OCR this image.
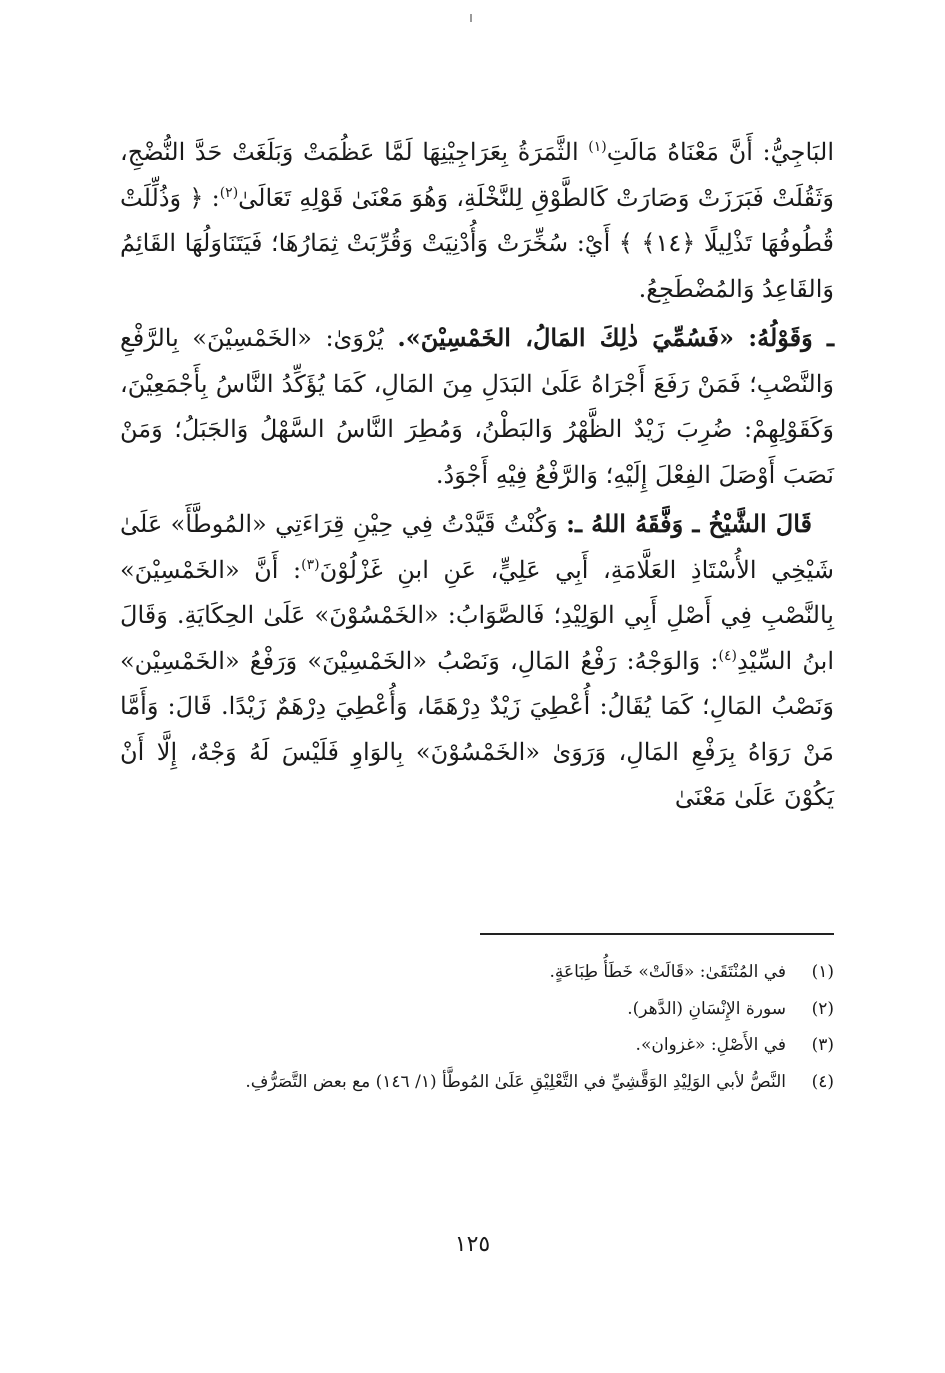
البَاجِيُّ: أَنَّ مَعْنَاهُ مَالَتِ$^{(١)}$ الثَّمَرَةُ بِعَرَاجِيْنِهَا لَمَّا عَظُمَتْ وَبَلَغَتْ حَدَّ النُّضْجِ، وَثَقُلَتْ فَبَرَزَتْ وَصَارَتْ كَالطَّوْقِ لِلنَّخْلَةِ، وَهُوَ مَعْنَىٰ قَوْلِهِ تَعَالَىٰ$^{(٢)}$: ﴿ وَذُلِّلَتْ قُطُوفُهَا تَذْلِيلًا ﴿١٤﴾ ﴾ أَيْ: سُخِّرَتْ وَأُدْنِيَتْ وَقُرِّبَتْ ثِمَارُهَا؛ فَيَتَنَاوَلُهَا القَائِمُ وَالقَاعِدُ وَالمُضْطَجِعُ.

ـ وَقَوْلُهُ: «فَسُمِّيَ ذٰلِكَ المَالُ، الخَمْسِيْنَ». يُرْوَىٰ: «الخَمْسِيْنَ» بِالرَّفْعِ وَالنَّصْبِ؛ فَمَنْ رَفَعَ أَجْرَاهُ عَلَىٰ البَدَلِ مِنَ المَالِ، كَمَا يُؤَكِّدُ النَّاسُ بِأَجْمَعِيْنَ، وَكَقَوْلِهِمْ: ضُرِبَ زَيْدٌ الظَّهْرُ وَالبَطْنُ، وَمُطِرَ النَّاسُ السَّهْلُ وَالجَبَلُ؛ وَمَنْ نَصَبَ أَوْصَلَ الفِعْلَ إِلَيْهِ؛ وَالرَّفْعُ فِيْهِ أَجْوَدُ.

قَالَ الشَّيْخُ ـ وَفَّقَهُ اللهُ ـ: وَكُنْتُ قَيَّدْتُ فِي حِيْنِ قِرَاءَتِي «المُوطَّأَ» عَلَىٰ شَيْخِي الأُسْتَاذِ العَلَّامَةِ، أَبِي عَلِيٍّ، عَنِ ابنِ غَزْلُوْنَ$^{(٣)}$: أَنَّ «الخَمْسِيْنَ» بِالنَّصْبِ فِي أَصْلِ أَبِي الوَلِيْدِ؛ فَالصَّوَابُ: «الخَمْسُوْنَ» عَلَىٰ الحِكَايَةِ. وَقَالَ ابنُ السِّيْدِ$^{(٤)}$: وَالوَجْهُ: رَفْعُ المَالِ، وَنَصْبُ «الخَمْسِيْنَ» وَرَفْعُ «الخَمْسِيْن» وَنَصْبُ المَالِ؛ كَمَا يُقَالُ: أُعْطِيَ زَيْدٌ دِرْهَمًا، وَأُعْطِيَ دِرْهَمٌ زَيْدًا. قَالَ: وَأَمَّا مَنْ رَوَاهُ بِرَفْعِ المَالِ، وَرَوَىٰ «الخَمْسُوْنَ» بِالوَاوِ فَلَيْسَ لَهُ وَجْهٌ، إِلَّا أَنْ يَكُوْنَ عَلَىٰ مَعْنَىٰ

(١)
في المُنْتَقَىٰ: «قَالَتْ» خَطَأُ طِبَاعَةٍ.
(٢)
سورة الإِنْسَانِ (الدَّهر).
(٣)
في الأَصْلِ: «غزوان».
(٤)
النَّصُّ لأبي الوَلِيْدِ الوَقَّشِيِّ في التَّعْلِيْقِ عَلَىٰ المُوطَّأ (١/ ١٤٦) مع بعض التَّصَرُّفِ.
١٢٥
